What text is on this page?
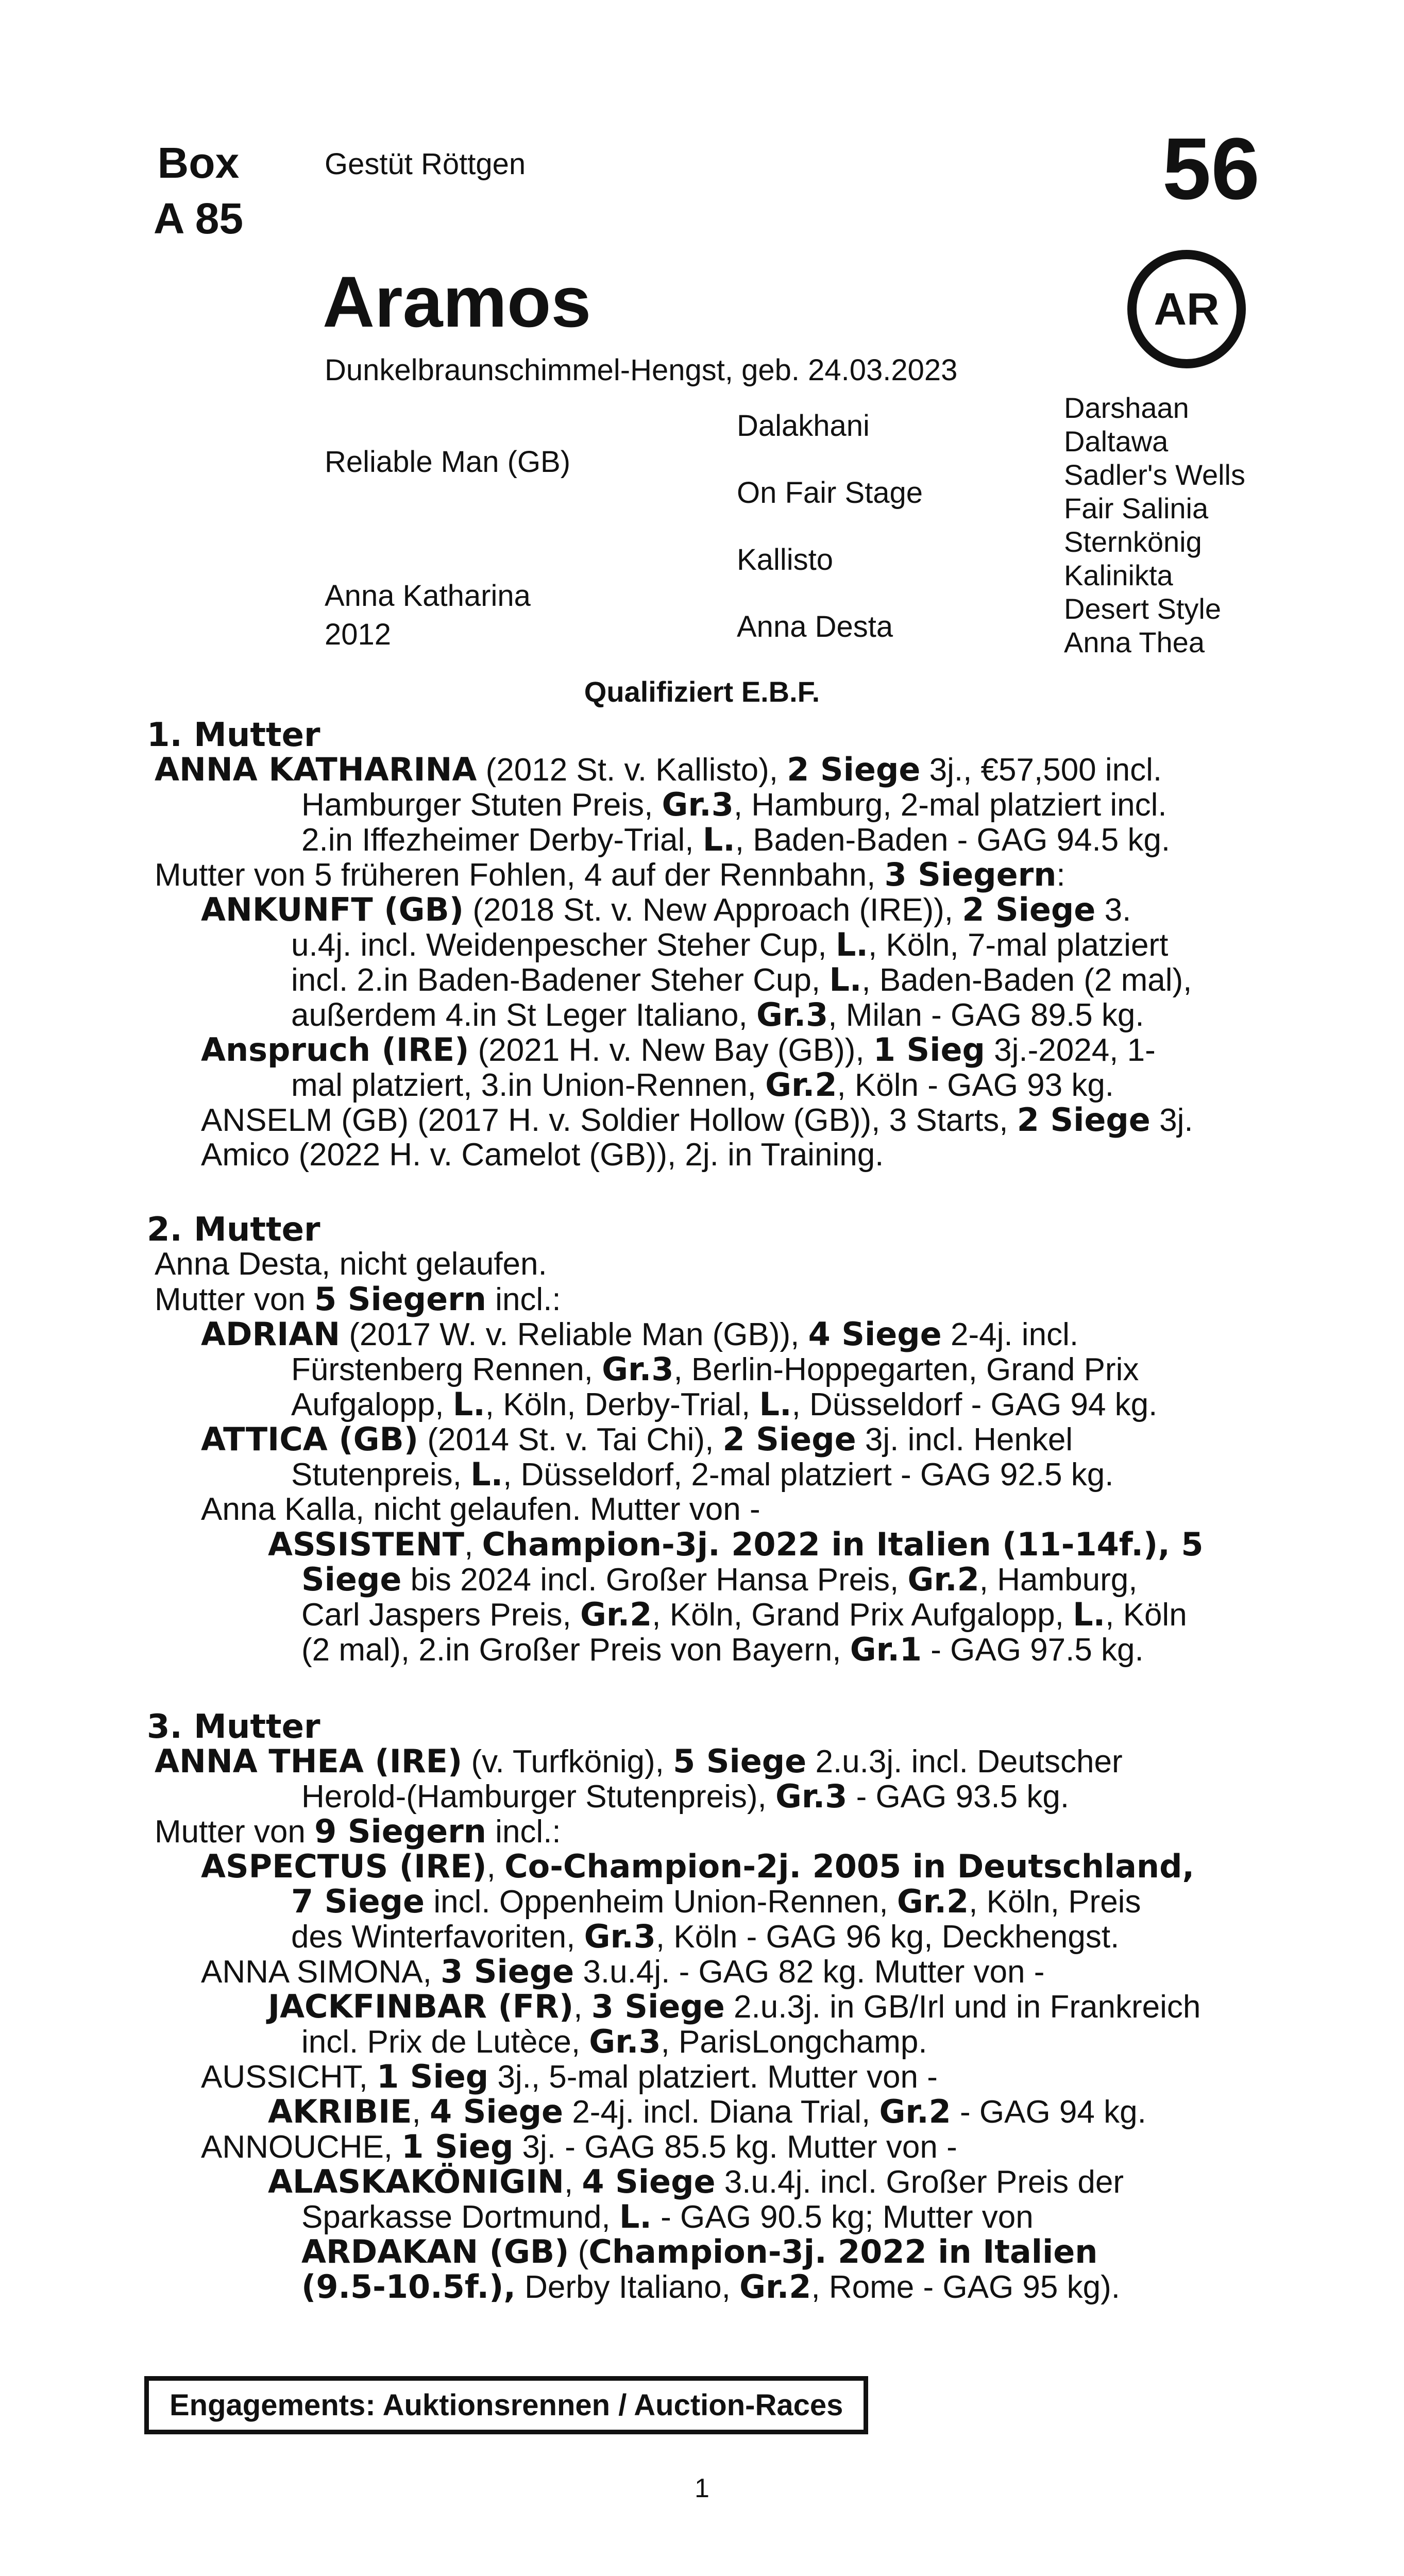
Box
A 85
Gestüt Röttgen	56
Aramos	AR
Dunkelbraunschimmel-Hengst, geb. 24.03.2023
Reliable Man (GB)
Anna Katharina
2012
Dalakhani
On Fair Stage
Kallisto
Anna Desta
Darshaan
Daltawa
Sadler's Wells
Fair Salinia
Sternkönig
Kalinikta
Desert Style
Anna Thea
Qualifiziert E.B.F.
1. Mutter
ANNA KATHARINA (2012 St. v. Kallisto), 2 Siege 3j., €57,500 incl.
Hamburger Stuten Preis, Gr.3, Hamburg, 2-mal platziert incl.
2.in Iffezheimer Derby-Trial, L., Baden-Baden - GAG 94.5 kg.
Mutter von 5 früheren Fohlen, 4 auf der Rennbahn, 3 Siegern:
ANKUNFT (GB) (2018 St. v. New Approach (IRE)), 2 Siege 3.
u.4j. incl. Weidenpescher Steher Cup, L., Köln, 7-mal platziert
incl. 2.in Baden-Badener Steher Cup, L., Baden-Baden (2 mal),
außerdem 4.in St Leger Italiano, Gr.3, Milan - GAG 89.5 kg.
Anspruch (IRE) (2021 H. v. New Bay (GB)), 1 Sieg 3j.-2024, 1-
mal platziert, 3.in Union-Rennen, Gr.2, Köln - GAG 93 kg.
ANSELM (GB) (2017 H. v. Soldier Hollow (GB)), 3 Starts, 2 Siege 3j.
Amico (2022 H. v. Camelot (GB)), 2j. in Training.
2. Mutter
Anna Desta, nicht gelaufen.
Mutter von 5 Siegern incl.:
ADRIAN (2017 W. v. Reliable Man (GB)), 4 Siege 2-4j. incl.
Fürstenberg Rennen, Gr.3, Berlin-Hoppegarten, Grand Prix
Aufgalopp, L., Köln, Derby-Trial, L., Düsseldorf - GAG 94 kg.
ATTICA (GB) (2014 St. v. Tai Chi), 2 Siege 3j. incl. Henkel
Stutenpreis, L., Düsseldorf, 2-mal platziert - GAG 92.5 kg.
Anna Kalla, nicht gelaufen. Mutter von -
ASSISTENT, Champion-3j. 2022 in Italien (11-14f.), 5
Siege bis 2024 incl. Großer Hansa Preis, Gr.2, Hamburg,
Carl Jaspers Preis, Gr.2, Köln, Grand Prix Aufgalopp, L., Köln
(2 mal), 2.in Großer Preis von Bayern, Gr.1 - GAG 97.5 kg.
3. Mutter
ANNA THEA (IRE) (v. Turfkönig), 5 Siege 2.u.3j. incl. Deutscher
Herold-(Hamburger Stutenpreis), Gr.3 - GAG 93.5 kg.
Mutter von 9 Siegern incl.:
ASPECTUS (IRE), Co-Champion-2j. 2005 in Deutschland,
7 Siege incl. Oppenheim Union-Rennen, Gr.2, Köln, Preis
des Winterfavoriten, Gr.3, Köln - GAG 96 kg, Deckhengst.
ANNA SIMONA, 3 Siege 3.u.4j. - GAG 82 kg. Mutter von -
JACKFINBAR (FR), 3 Siege 2.u.3j. in GB/Irl und in Frankreich
incl. Prix de Lutèce, Gr.3, ParisLongchamp.
AUSSICHT, 1 Sieg 3j., 5-mal platziert. Mutter von -
AKRIBIE, 4 Siege 2-4j. incl. Diana Trial, Gr.2 - GAG 94 kg.
ANNOUCHE, 1 Sieg 3j. - GAG 85.5 kg. Mutter von -
ALASKAKÖNIGIN, 4 Siege 3.u.4j. incl. Großer Preis der
Sparkasse Dortmund, L. - GAG 90.5 kg; Mutter von
ARDAKAN (GB) (Champion-3j. 2022 in Italien
(9.5-10.5f.), Derby Italiano, Gr.2, Rome - GAG 95 kg).
Engagements: Auktionsrennen / Auction-Races
1
